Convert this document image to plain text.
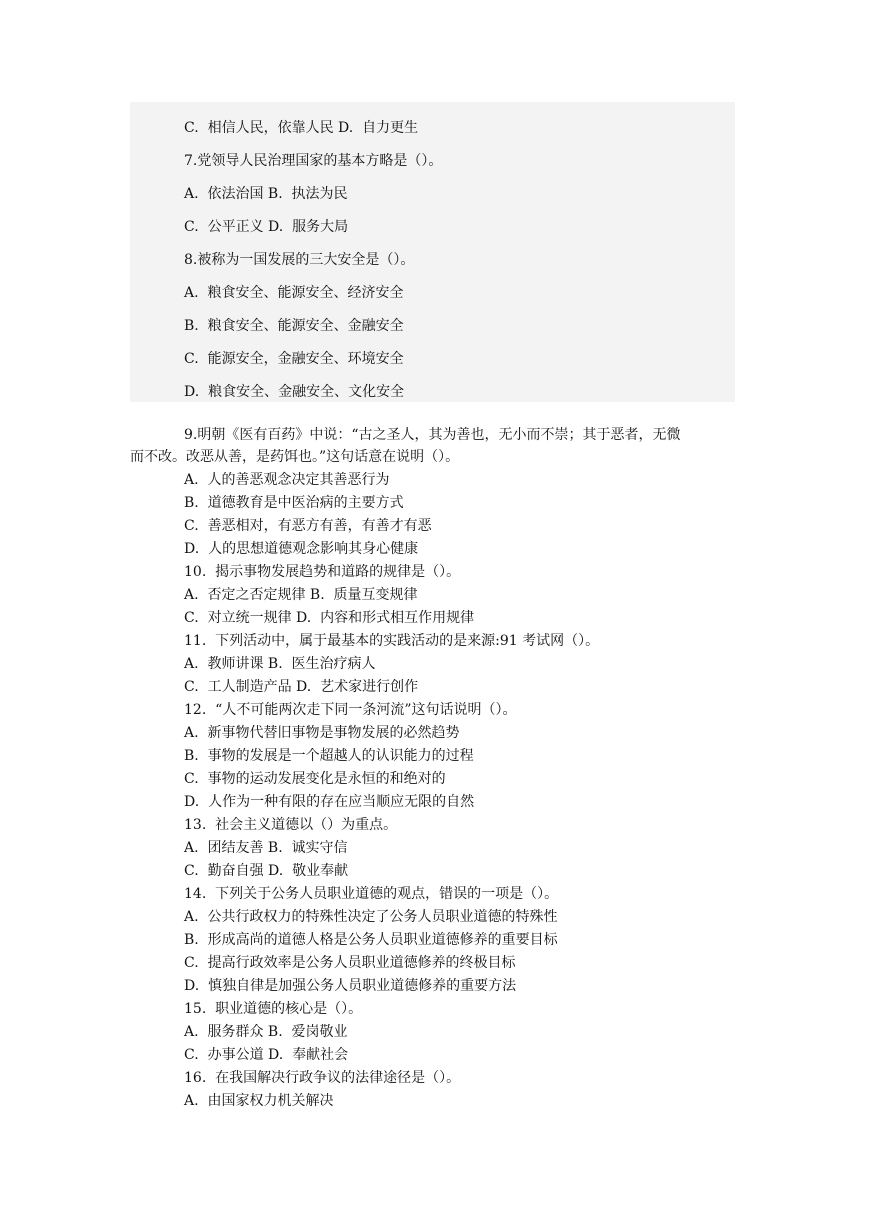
C.  相信人民，依靠人民 D.  自力更生
7.党领导人民治理国家的基本方略是（）。
A.  依法治国 B.  执法为民
C.  公平正义 D.  服务大局
8.被称为一国发展的三大安全是（）。
A.  粮食安全、能源安全、经济安全
B.  粮食安全、能源安全、金融安全
C.  能源安全，金融安全、环境安全
D.  粮食安全、金融安全、文化安全
9.明朝《医有百药》中说：“古之圣人，其为善也，无小而不崇；其于恶者，无微
而不改。改恶从善，是药饵也。”这句话意在说明（）。
A.  人的善恶观念决定其善恶行为
B.  道德教育是中医治病的主要方式
C.  善恶相对，有恶方有善，有善才有恶
D.  人的思想道德观念影响其身心健康
10.  揭示事物发展趋势和道路的规律是（）。
A.  否定之否定规律 B.  质量互变规律
C.  对立统一规律 D.  内容和形式相互作用规律
11.  下列活动中，属于最基本的实践活动的是来源:91 考试网（）。
A.  教师讲课 B.  医生治疗病人
C.  工人制造产品 D.  艺术家进行创作
12.  “人不可能两次走下同一条河流”这句话说明（）。
A.  新事物代替旧事物是事物发展的必然趋势
B.  事物的发展是一个超越人的认识能力的过程
C.  事物的运动发展变化是永恒的和绝对的
D.  人作为一种有限的存在应当顺应无限的自然
13.  社会主义道德以（）为重点。
A.  团结友善 B.  诚实守信
C.  勤奋自强 D.  敬业奉献
14.  下列关于公务人员职业道德的观点，错误的一项是（）。
A.  公共行政权力的特殊性决定了公务人员职业道德的特殊性
B.  形成高尚的道德人格是公务人员职业道德修养的重要目标
C.  提高行政效率是公务人员职业道德修养的终极目标
D.  慎独自律是加强公务人员职业道德修养的重要方法
15.  职业道德的核心是（）。
A.  服务群众 B.  爱岗敬业
C.  办事公道 D.  奉献社会
16.  在我国解决行政争议的法律途径是（）。
A.  由国家权力机关解决
